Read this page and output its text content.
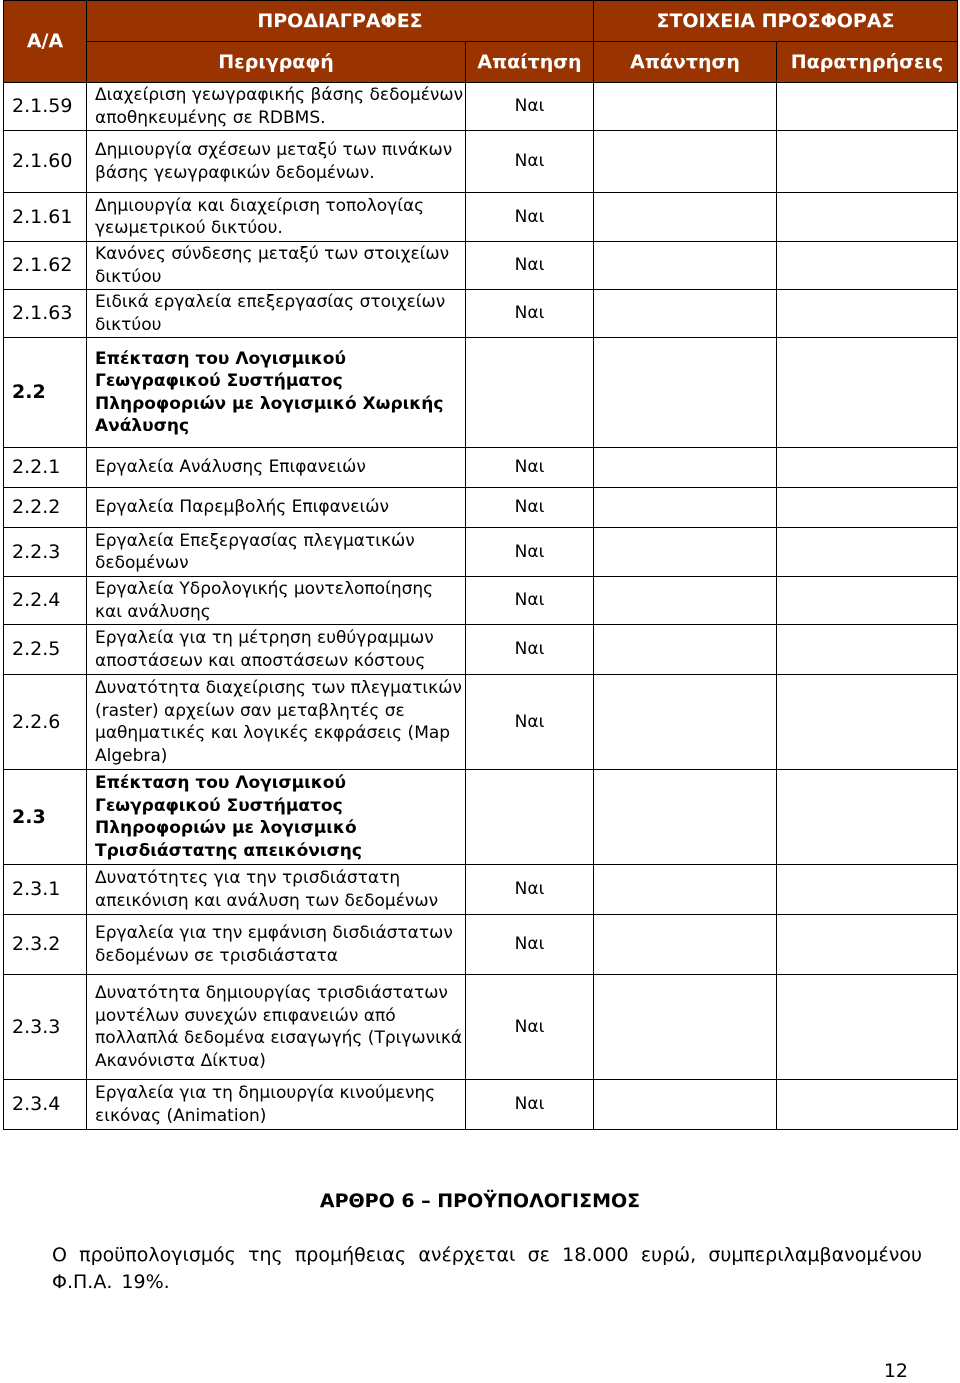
Α/Α	ΠΡΟΔΙΑΓΡΑΦΕΣ		ΣΤΟΙΧΕΙΑ ΠΡΟΣΦΟΡΑΣ	
	Περιγραφή	Απαίτηση	Απάντηση	Παρατηρήσεις
2.1.59	Διαχείριση γεωγραφικής βάσης δεδομένων αποθηκευμένης σε RDBMS.	Ναι		
2.1.60	Δημιουργία σχέσεων μεταξύ των πινάκων βάσης γεωγραφικών δεδομένων.	Ναι		
2.1.61	Δημιουργία και διαχείριση τοπολογίας γεωμετρικού δικτύου.	Ναι		
2.1.62	Κανόνες σύνδεσης μεταξύ των στοιχείων δικτύου	Ναι		
2.1.63	Ειδικά εργαλεία επεξεργασίας στοιχείων δικτύου	Ναι		
2.2	Επέκταση του Λογισμικού Γεωγραφικού Συστήματος Πληροφοριών με λογισμικό Χωρικής Ανάλυσης			
2.2.1	Εργαλεία Ανάλυσης Επιφανειών	Ναι		
2.2.2	Εργαλεία Παρεμβολής Επιφανειών	Ναι		
2.2.3	Εργαλεία Επεξεργασίας πλεγματικών δεδομένων	Ναι		
2.2.4	Εργαλεία Υδρολογικής μοντελοποίησης και ανάλυσης	Ναι		
2.2.5	Εργαλεία για τη μέτρηση ευθύγραμμων αποστάσεων και αποστάσεων κόστους	Ναι		
2.2.6	Δυνατότητα διαχείρισης των πλεγματικών (raster) αρχείων σαν μεταβλητές σε μαθηματικές και λογικές εκφράσεις (Map Algebra)	Ναι		
2.3	Επέκταση του Λογισμικού Γεωγραφικού Συστήματος Πληροφοριών με λογισμικό Τρισδιάστατης απεικόνισης			
2.3.1	Δυνατότητες για την τρισδιάστατη απεικόνιση και ανάλυση των δεδομένων	Ναι		
2.3.2	Εργαλεία για την εμφάνιση δισδιάστατων δεδομένων σε τρισδιάστατα	Ναι		
2.3.3	Δυνατότητα δημιουργίας τρισδιάστατων μοντέλων συνεχών επιφανειών από πολλαπλά δεδομένα εισαγωγής (Τριγωνικά Ακανόνιστα Δίκτυα)	Ναι		
2.3.4	Εργαλεία για τη δημιουργία κινούμενης εικόνας (Animation)	Ναι		
ΑΡΘΡΟ 6 – ΠΡΟΫΠΟΛΟΓΙΣΜΟΣ
Ο προϋπολογισμός της προμήθειας ανέρχεται σε 18.000 ευρώ, συμπεριλαμβανομένου Φ.Π.Α. 19%.
12
